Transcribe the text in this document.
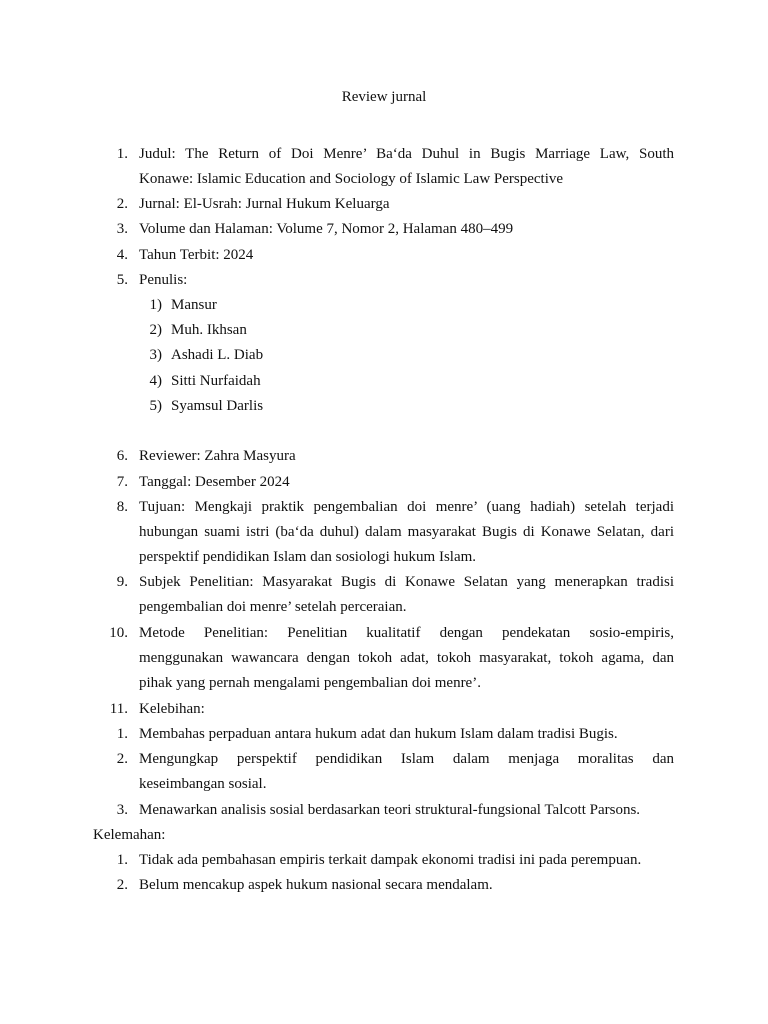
Review jurnal
1. Judul: The Return of Doi Menre’ Ba‘da Duhul in Bugis Marriage Law, South
Konawe: Islamic Education and Sociology of Islamic Law Perspective
2. Jurnal: El-Usrah: Jurnal Hukum Keluarga
3. Volume dan Halaman: Volume 7, Nomor 2, Halaman 480–499
4. Tahun Terbit: 2024
5. Penulis:
1) Mansur
2) Muh. Ikhsan
3) Ashadi L. Diab
4) Sitti Nurfaidah
5) Syamsul Darlis
6. Reviewer: Zahra Masyura
7. Tanggal: Desember 2024
8. Tujuan: Mengkaji praktik pengembalian doi menre’ (uang hadiah) setelah terjadi
hubungan suami istri (ba‘da duhul) dalam masyarakat Bugis di Konawe Selatan, dari
perspektif pendidikan Islam dan sosiologi hukum Islam.
9. Subjek Penelitian: Masyarakat Bugis di Konawe Selatan yang menerapkan tradisi
pengembalian doi menre’ setelah perceraian.
10. Metode Penelitian: Penelitian kualitatif dengan pendekatan sosio-empiris,
menggunakan wawancara dengan tokoh adat, tokoh masyarakat, tokoh agama, dan
pihak yang pernah mengalami pengembalian doi menre’.
11. Kelebihan:
1. Membahas perpaduan antara hukum adat dan hukum Islam dalam tradisi Bugis.
2. Mengungkap perspektif pendidikan Islam dalam menjaga moralitas dan
keseimbangan sosial.
3. Menawarkan analisis sosial berdasarkan teori struktural-fungsional Talcott Parsons.
Kelemahan:
1. Tidak ada pembahasan empiris terkait dampak ekonomi tradisi ini pada perempuan.
2. Belum mencakup aspek hukum nasional secara mendalam.
